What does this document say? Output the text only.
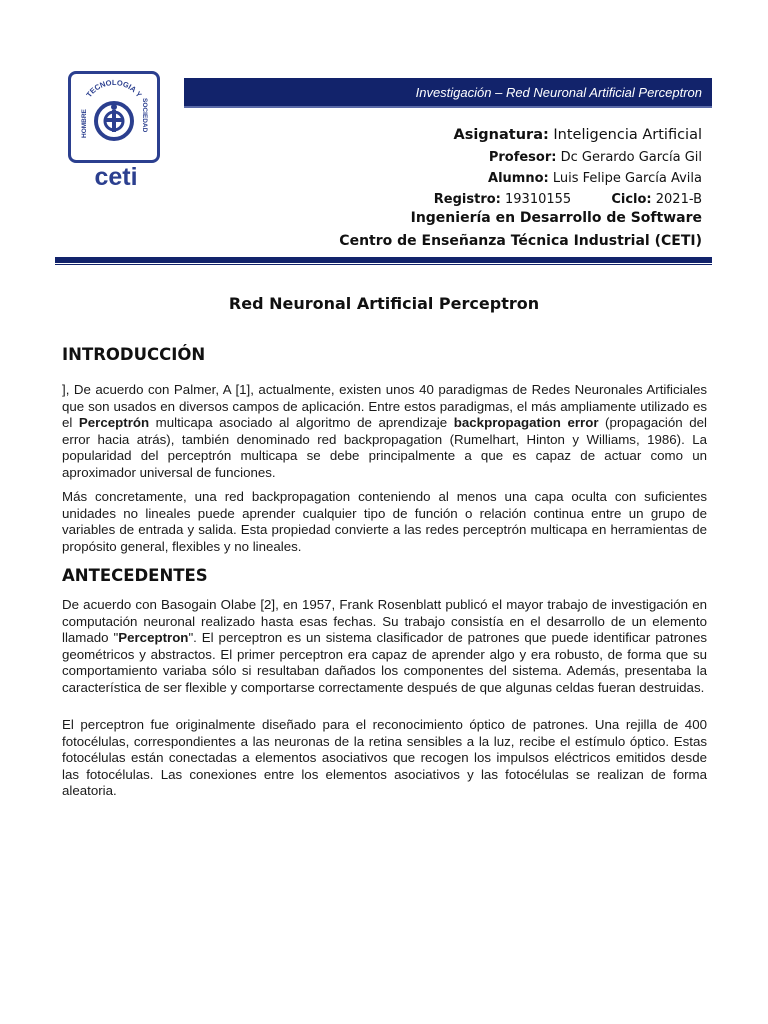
TECNOLOGIA Y
HOMBRE	SOCIEDAD
ceti
Investigación – Red Neuronal Artificial Perceptron
Asignatura: Inteligencia Artificial
Profesor: Dc Gerardo García Gil
Alumno: Luis Felipe García Avila
Registro: 19310155	Ciclo: 2021-B
Ingeniería en Desarrollo de Software
Centro de Enseñanza Técnica Industrial (CETI)
Red Neuronal Artificial Perceptron
INTRODUCCIÓN

], De acuerdo con Palmer, A [1], actualmente, existen unos 40 paradigmas de Redes Neuronales Artificiales que son usados en diversos campos de aplicación. Entre estos paradigmas, el más ampliamente utilizado es el Perceptrón multicapa asociado al algoritmo de aprendizaje backpropagation error (propagación del error hacia atrás), también denominado red backpropagation (Rumelhart, Hinton y Williams, 1986). La popularidad del perceptrón multicapa se debe principalmente a que es capaz de actuar como un aproximador universal de funciones.

Más concretamente, una red backpropagation conteniendo al menos una capa oculta con suficientes unidades no lineales puede aprender cualquier tipo de función o relación continua entre un grupo de variables de entrada y salida. Esta propiedad convierte a las redes perceptrón multicapa en herramientas de propósito general, flexibles y no lineales.

ANTECEDENTES

De acuerdo con Basogain Olabe [2], en 1957, Frank Rosenblatt publicó el mayor trabajo de investigación en computación neuronal realizado hasta esas fechas. Su trabajo consistía en el desarrollo de un elemento llamado "Perceptron". El perceptron es un sistema clasificador de patrones que puede identificar patrones geométricos y abstractos. El primer perceptron era capaz de aprender algo y era robusto, de forma que su comportamiento variaba sólo si resultaban dañados los componentes del sistema. Además, presentaba la característica de ser flexible y comportarse correctamente después de que algunas celdas fueran destruidas.

El perceptron fue originalmente diseñado para el reconocimiento óptico de patrones. Una rejilla de 400 fotocélulas, correspondientes a las neuronas de la retina sensibles a la luz, recibe el estímulo óptico. Estas fotocélulas están conectadas a elementos asociativos que recogen los impulsos eléctricos emitidos desde las fotocélulas. Las conexiones entre los elementos asociativos y las fotocélulas se realizan de forma aleatoria.
